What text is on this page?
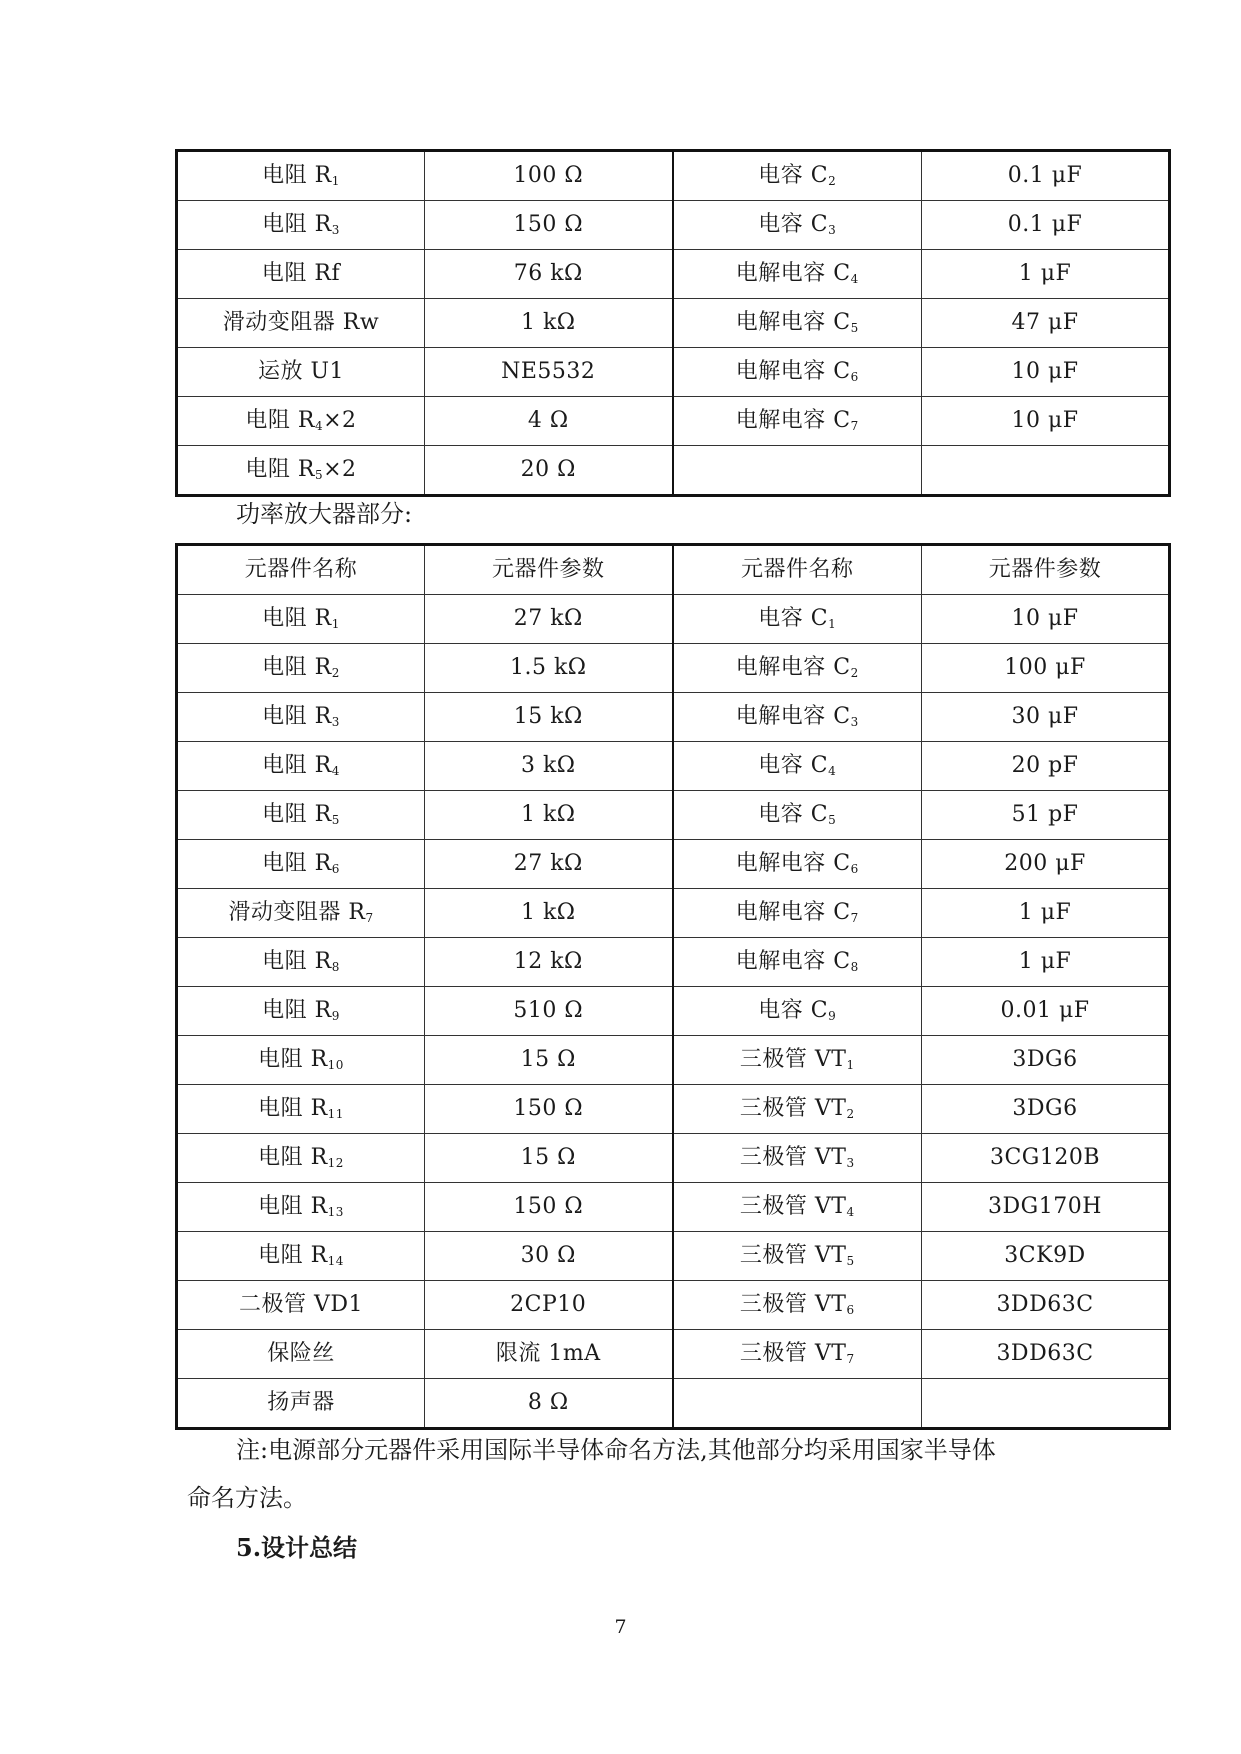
电阻 $R_1$	100 Ω	电容 $C_2$	0.1 μF
电阻 $R_3$	150 Ω	电容 $C_3$	0.1 μF
电阻 Rf	76 kΩ	电解电容 $C_4$	1 μF
滑动变阻器 Rw	1 kΩ	电解电容 $C_5$	47 μF
运放 U1	NE5532	电解电容 $C_6$	10 μF
电阻 $R_4\times 2$	4 Ω	电解电容 $C_7$	10 μF
电阻 $R_5\times 2$	20 Ω		
功率放大器部分:
元器件名称	元器件参数	元器件名称	元器件参数
电阻 $R_1$	27 kΩ	电容 $C_1$	10 μF
电阻 $R_2$	1.5 kΩ	电解电容 $C_2$	100 μF
电阻 $R_3$	15 kΩ	电解电容 $C_3$	30 μF
电阻 $R_4$	3 kΩ	电容 $C_4$	20 pF
电阻 $R_5$	1 kΩ	电容 $C_5$	51 pF
电阻 $R_6$	27 kΩ	电解电容 $C_6$	200 μF
滑动变阻器 $R_7$	1 kΩ	电解电容 $C_7$	1 μF
电阻 $R_8$	12 kΩ	电解电容 $C_8$	1 μF
电阻 $R_9$	510 Ω	电容 $C_9$	0.01 μF
电阻 $R_{10}$	15 Ω	三极管 $VT_1$	3DG6
电阻 $R_{11}$	150 Ω	三极管 $VT_2$	3DG6
电阻 $R_{12}$	15 Ω	三极管 $VT_3$	3CG120B
电阻 $R_{13}$	150 Ω	三极管 $VT_4$	3DG170H
电阻 $R_{14}$	30 Ω	三极管 $VT_5$	3CK9D
二极管 VD1	2CP10	三极管 $VT_6$	3DD63C
保险丝	限流 1mA	三极管 $VT_7$	3DD63C
扬声器	8 Ω		
注:电源部分元器件采用国际半导体命名方法,其他部分均采用国家半导体
命名方法。
5.设计总结
7
